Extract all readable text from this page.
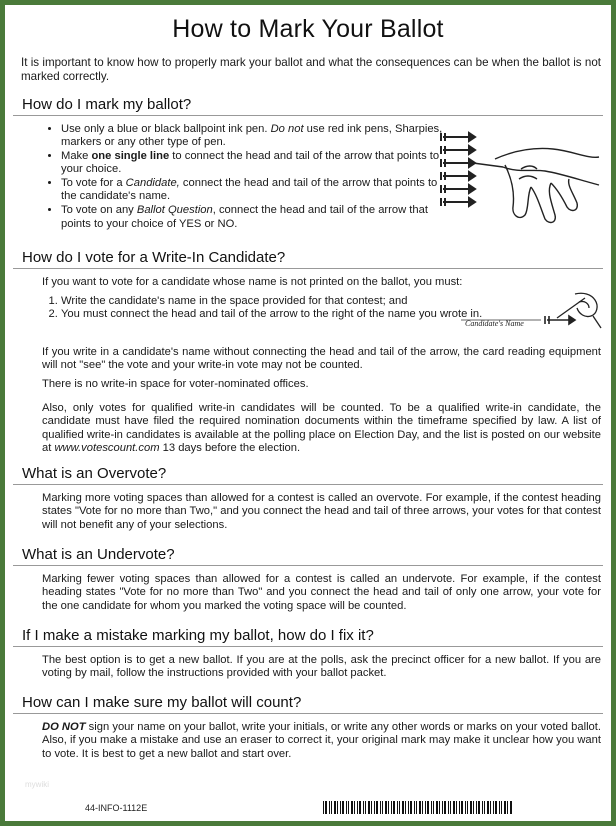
How to Mark Your Ballot
It is important to know how to properly mark your ballot and what the consequences can be when the ballot is not marked correctly.
How do I mark my ballot?
• Use only a blue or black ballpoint ink pen. Do not use red ink pens, Sharpies, markers or any other type of pen.
• Make one single line to connect the head and tail of the arrow that points to your choice.
• To vote for a Candidate, connect the head and tail of the arrow that points to the candidate's name.
• To vote on any Ballot Question, connect the head and tail of the arrow that points to your choice of YES or NO.
How do I vote for a Write-In Candidate?
If you want to vote for a candidate whose name is not printed on the ballot, you must:
1. Write the candidate's name in the space provided for that contest; and
2. You must connect the head and tail of the arrow to the right of the name you wrote in.
Candidate's Name
If you write in a candidate's name without connecting the head and tail of the arrow, the card reading equipment will not "see" the vote and your write-in vote may not be counted.
There is no write-in space for voter-nominated offices.
Also, only votes for qualified write-in candidates will be counted. To be a qualified write-in candidate, the candidate must have filed the required nomination documents within the timeframe specified by law. A list of qualified write-in candidates is available at the polling place on Election Day, and the list is posted on our website at www.votescount.com 13 days before the election.
What is an Overvote?
Marking more voting spaces than allowed for a contest is called an overvote. For example, if the contest heading states "Vote for no more than Two," and you connect the head and tail of three arrows, your votes for that contest will not benefit any of your selections.
What is an Undervote?
Marking fewer voting spaces than allowed for a contest is called an undervote. For example, if the contest heading states "Vote for no more than Two" and you connect the head and tail of only one arrow, your vote for the one candidate for whom you marked the voting space will be counted.
If I make a mistake marking my ballot, how do I fix it?
The best option is to get a new ballot. If you are at the polls, ask the precinct officer for a new ballot. If you are voting by mail, follow the instructions provided with your ballot packet.
How can I make sure my ballot will count?
DO NOT sign your name on your ballot, write your initials, or write any other words or marks on your voted ballot. Also, if you make a mistake and use an eraser to correct it, your original mark may make it unclear how you want to vote. It is best to get a new ballot and start over.
mywiki
44-INFO-1112E
